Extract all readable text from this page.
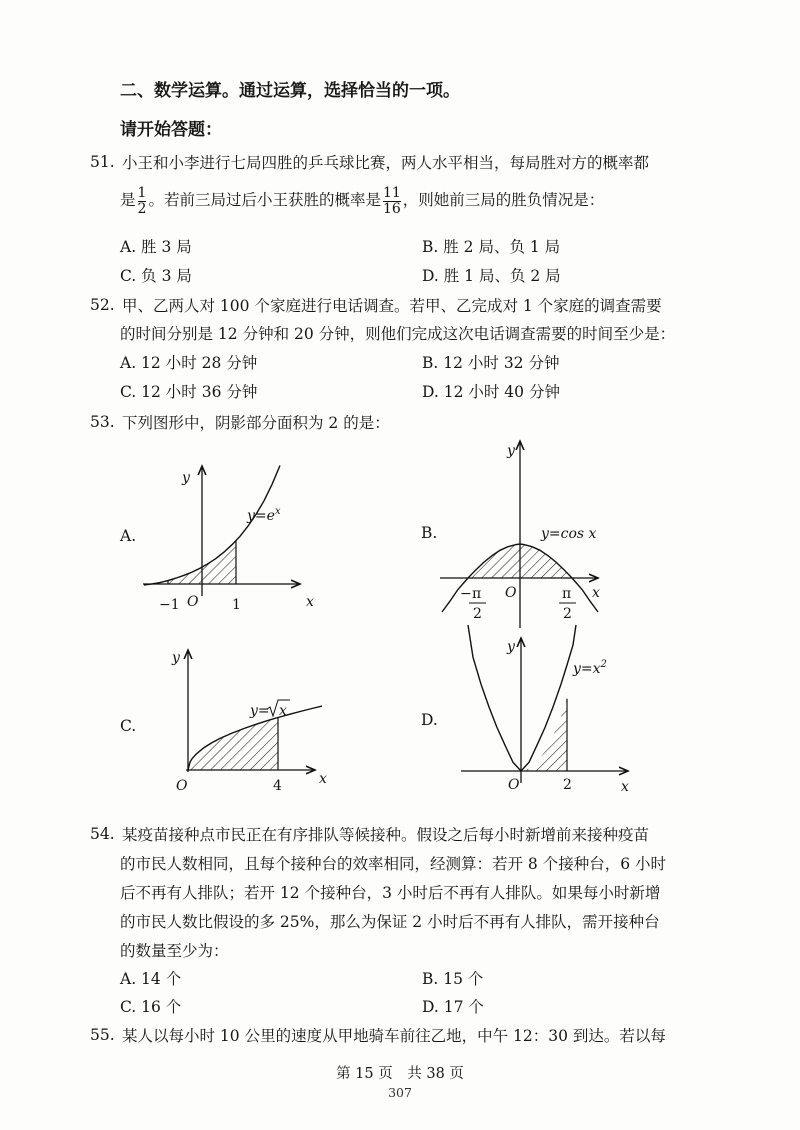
二、数学运算。通过运算，选择恰当的一项。
请开始答题：
51. 小王和小李进行七局四胜的乒乓球比赛，两人水平相当，每局胜对方的概率都
是 $\frac{1}{2}$ 。若前三局过后小王获胜的概率是 $\frac{11}{16}$ ，则她前三局的胜负情况是：
A. 胜 3 局	B. 胜 2 局、负 1 局
C. 负 3 局	D. 胜 1 局、负 2 局
52. 甲、乙两人对 100 个家庭进行电话调查。若甲、乙完成对 1 个家庭的调查需要
的时间分别是 12 分钟和 20 分钟，则他们完成这次电话调查需要的时间至少是：
A. 12 小时 28 分钟	B. 12 小时 32 分钟
C. 12 小时 36 分钟	D. 12 小时 40 分钟
53. 下列图形中，阴影部分面积为 2 的是：
A.	B.
C.	D.
y
x
O
−1	1
$y=e^x$
y
x
O
y=cos x
− π
2
π
2
y
x
O	4
y= x
y
x
O	2
$y=x^2$
54. 某疫苗接种点市民正在有序排队等候接种。假设之后每小时新增前来接种疫苗
的市民人数相同，且每个接种台的效率相同，经测算：若开 8 个接种台，6 小时
后不再有人排队；若开 12 个接种台，3 小时后不再有人排队。如果每小时新增
的市民人数比假设的多 25%，那么为保证 2 小时后不再有人排队，需开接种台
的数量至少为：
A. 14 个	B. 15 个
C. 16 个	D. 17 个
55. 某人以每小时 10 公里的速度从甲地骑车前往乙地，中午 12：30 到达。若以每
第 15 页　共 38 页
307
